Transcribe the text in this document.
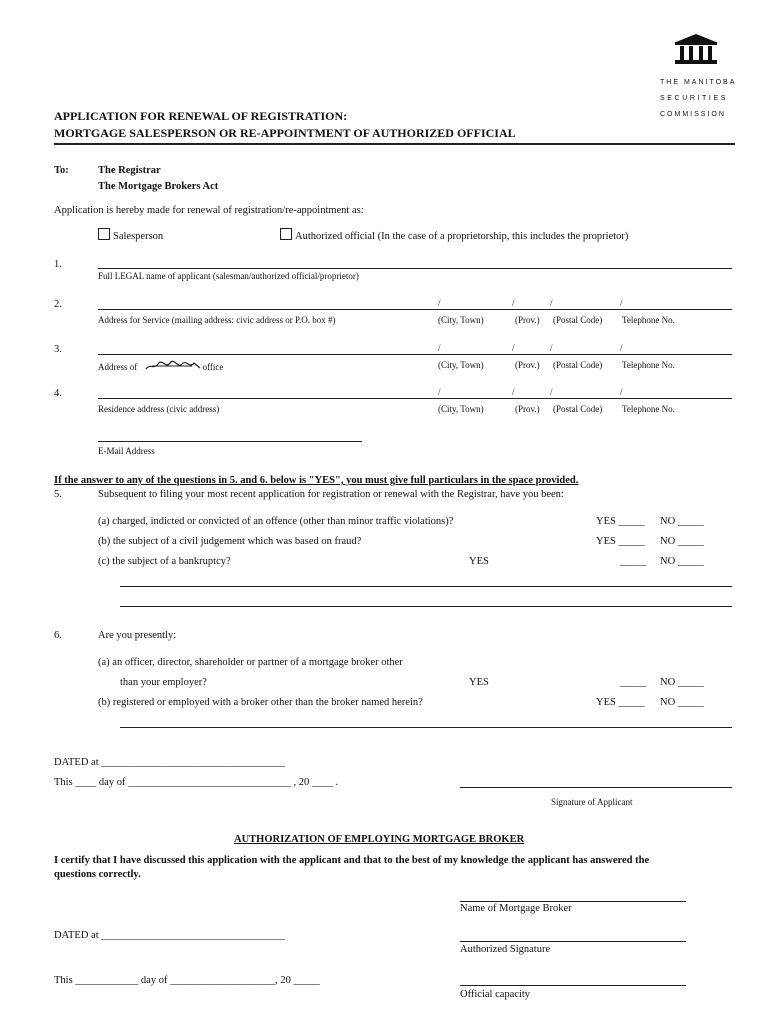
THE MANITOBA
SECURITIES
COMMISSION
APPLICATION FOR RENEWAL OF REGISTRATION:
MORTGAGE SALESPERSON OR RE-APPOINTMENT OF AUTHORIZED OFFICIAL
To:	The Registrar
The Mortgage Brokers Act
Application is hereby made for renewal of registration/re-appointment as:
Salesperson	Authorized official (In the case of a proprietorship, this includes the proprietor)
1.
Full LEGAL name of applicant (salesman/authorized official/proprietor)
2.	/	/	/	/
Address for Service (mailing address: civic address or P.O. box #)	(City, Town)	(Prov.) (Postal Code) Telephone No.
3.	/	/	/	/
Address of	office	(City, Town)	(Prov.) (Postal Code) Telephone No.
4.	/	/	/	/
Residence address (civic address)	(City, Town)	(Prov.) (Postal Code) Telephone No.
E-Mail Address
If the answer to any of the questions in 5. and 6. below is "YES", you must give full particulars in the space provided.
5.	Subsequent to filing your most recent application for registration or renewal with the Registrar, have you been:
(a) charged, indicted or convicted of an offence (other than minor traffic violations)?	YES _____ NO _____
(b) the subject of a civil judgement which was based on fraud?	YES _____ NO _____
(c) the subject of a bankruptcy?	YES	_____ NO _____
6.	Are you presently:
(a) an officer, director, shareholder or partner of a mortgage broker other
than your employer?	YES	_____ NO _____
(b) registered or employed with a broker other than the broker named herein?	YES _____ NO _____
DATED at ___________________________________
This ____ day of _______________________________ , 20 ____ .
Signature of Applicant
AUTHORIZATION OF EMPLOYING MORTGAGE BROKER
I certify that I have discussed this application with the applicant and that to the best of my knowledge the applicant has answered the
questions correctly.
Name of Mortgage Broker
DATED at ___________________________________
Authorized Signature
This ____________ day of ____________________, 20 _____
Official capacity
